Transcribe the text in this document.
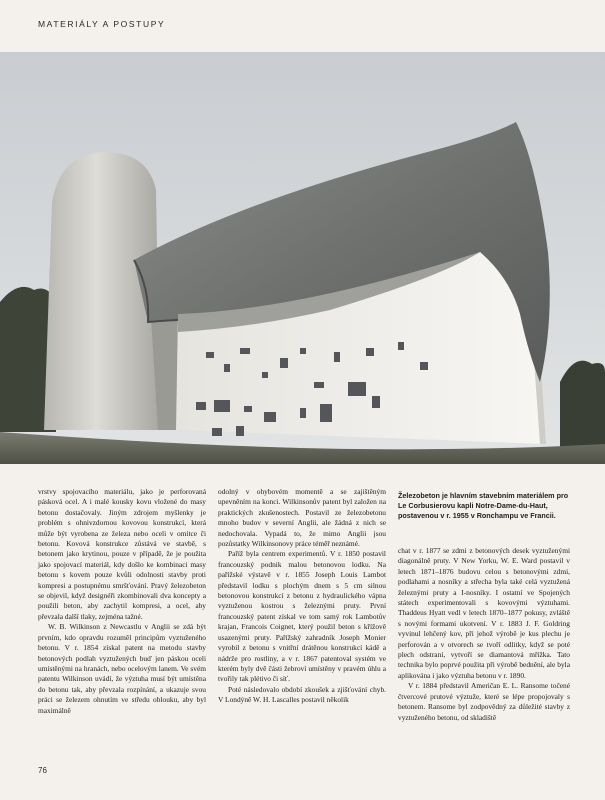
MATERIÁLY A POSTUPY

vrstvy spojovacího materiálu, jako je perforovaná pásková ocel. A i malé kousky kovu vložené do masy betonu dostačovaly. Jiným zdrojem myšlenky je problém s ohnivzdornou kovovou konstrukcí, která může být vyrobena ze železa nebo oceli v omítce či betonu. Kovová konstrukce zůstává ve stavbě, s betonem jako krytinou, pouze v případě, že je použita jako spojovací materiál, kdy došlo ke kombinaci masy betonu s kovem pouze kvůli odolnosti stavby proti kompresi a postupnému smršťování. Pravý železobeton se objevil, když designéři zkombinovali dva koncepty a použili beton, aby zachytil kompresi, a ocel, aby převzala další tlaky, zejména tažné.

W. B. Wilkinson z Newcastlu v Anglii se zdá být prvním, kdo opravdu rozuměl principům vyztuženého betonu. V r. 1854 získal patent na metodu stavby betonových podlah vyztužených buď jen páskou oceli umístěnými na hranách, nebo ocelovým lanem. Ve svém patentu Wilkinson uvádí, že výztuha musí být umístěna do betonu tak, aby převzala rozpínání, a ukazuje svou práci se železem ohnutím ve středu oblouku, aby byl maximálně

odolný v ohybovém momentě a se zajištěným upevněním na konci. Wilkinsonův patent byl založen na praktických zkušenostech. Postavil ze železobetonu mnoho budov v severní Anglii, ale žádná z nich se nedochovala. Vypadá to, že mimo Anglii jsou pozůstatky Wilkinsonovy práce téměř neznámé.

Paříž byla centrem experimentů. V r. 1850 postavil francouzský podnik malou betonovou lodku. Na pařížské výstavě v r. 1855 Joseph Louis Lambot představil lodku s plochým dnem s 5 cm silnou betonovou konstrukcí z betonu z hydraulického vápna vyztuženou kostrou s železnými pruty. První francouzský patent získal ve tom samý rok Lambotův krajan, Francois Coignet, který použil beton s křížově usazenými pruty. Pařížský zahradník Joseph Monier vyrobil z betonu s vnitřní drátěnou konstrukcí kádě a nádrže pro rostliny, a v r. 1867 patentoval systém ve kterém byly dvě části žebroví umístěny v pravém úhlu a tvořily tak plétivo či síť.

Poté následovalo období zkoušek a zjišťování chyb. V Londýně W. H. Lascalles postavil několik

Železobeton je hlavním stavebním materiálem pro Le Corbusierovu kapli Notre-Dame-du-Haut, postavenou v r. 1955 v Ronchampu ve Francii.

chat v r. 1877 se zdmi z betonových desek vyztuženými diagonálně pruty. V New Yorku, W. E. Ward postavil v letech 1871–1876 budovu celou s betonovými zdmi, podlahami a nosníky a střecha byla také celá vyztužená železnými pruty a I-nosníky. I ostatní ve Spojených státech experimentovali s kovovými výztuhami. Thaddeus Hyatt vedl v letech 1870–1877 pokusy, zvláště s novými formami ukotvení. V r. 1883 J. F. Goldring vyvinul lehčený kov, při jehož výrobě je kus plechu je perforován a v otvorech se tvoří odlitky, když se poté plech odstraní, vytvoří se diamantová mřížka. Tato technika bylo poprvé použita při výrobě bednění, ale byla aplikována i jako výztuha betonu v r. 1890.

V r. 1884 představil Američan E. L. Ransome točené čtvercové prutové výztuže, které se lépe propojovaly s betonem. Ransome byl zodpovědný za důležité stavby z vyztuženého betonu, od skladiště

76
